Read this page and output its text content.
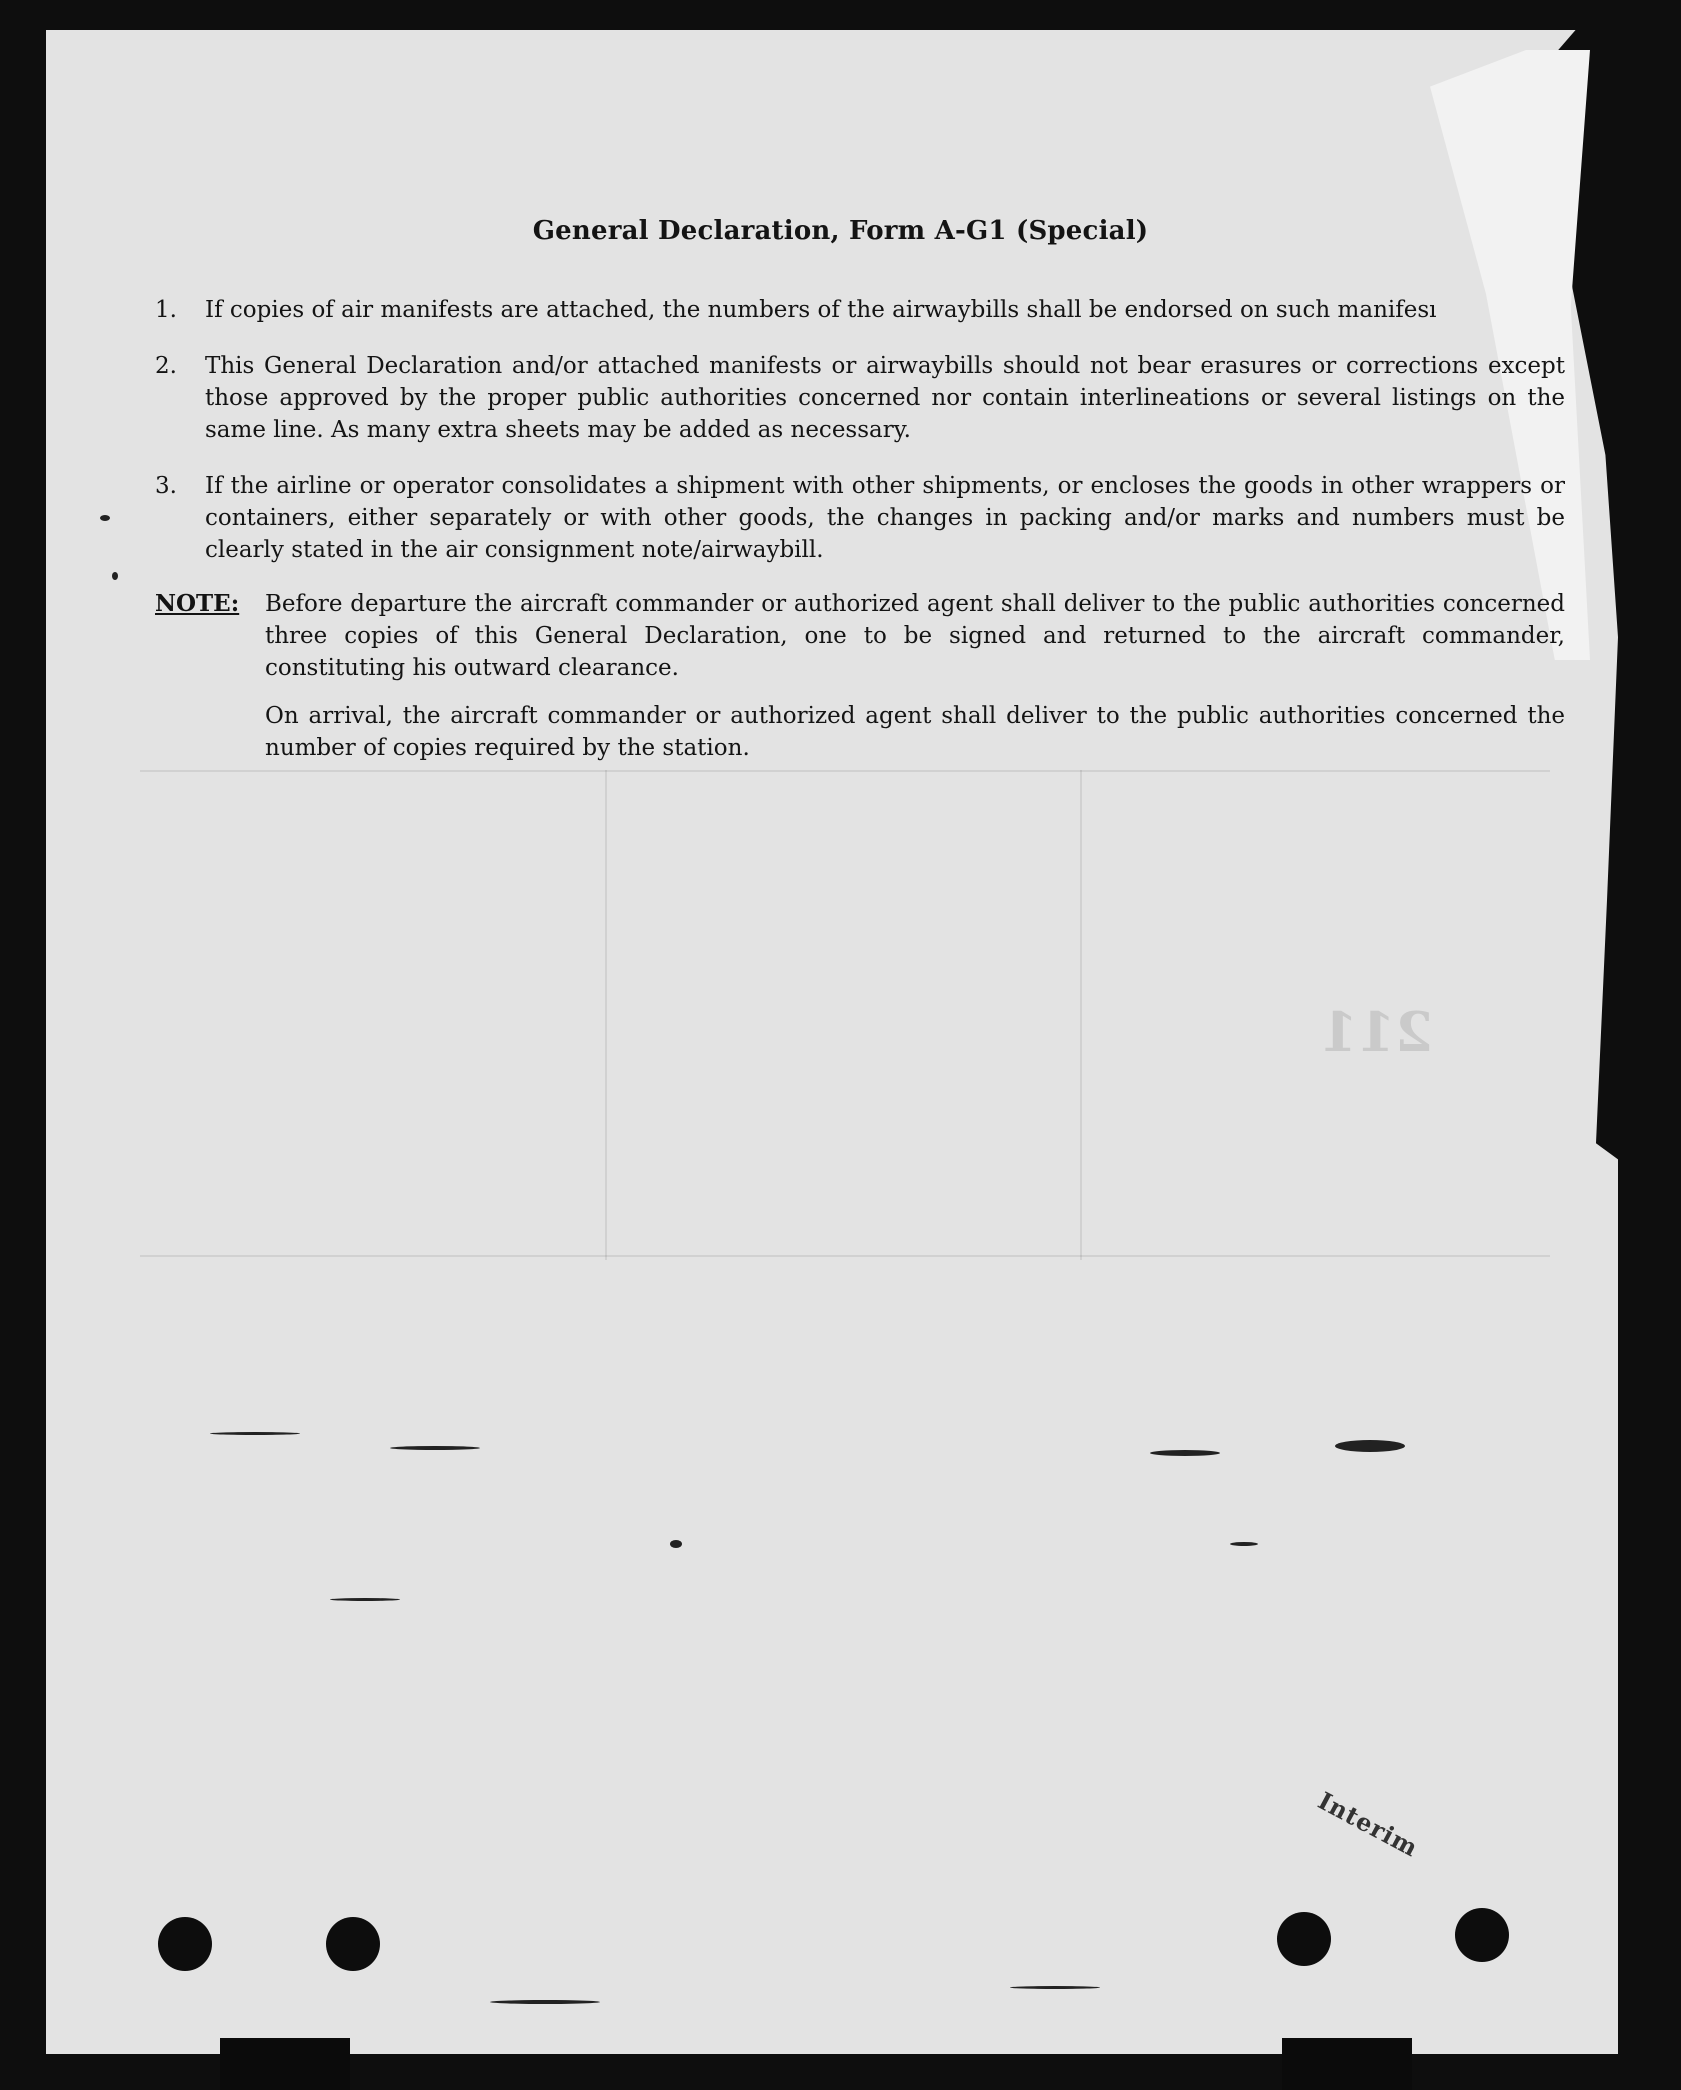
211
General Declaration, Form A-G1 (Special)
1.	If copies of air manifests are attached, the numbers of the airwaybills shall be endorsed on such manifesı
2.	This General Declaration and/or attached manifests or airwaybills should not bear erasures or corrections except those approved by the proper public authorities concerned nor contain interlineations or several listings on the same line. As many extra sheets may be added as necessary.
3.	If the airline or operator consolidates a shipment with other shipments, or encloses the goods in other wrappers or containers, either separately or with other goods, the changes in packing and/or marks and numbers must be clearly stated in the air consignment note/airwaybill.
NOTE: Before departure the aircraft commander or authorized agent shall deliver to the public authorities concerned three copies of this General Declaration, one to be signed and returned to the aircraft commander, constituting his outward clearance.
On arrival, the aircraft commander or authorized agent shall deliver to the public authorities concerned the number of copies required by the station.
Interim
